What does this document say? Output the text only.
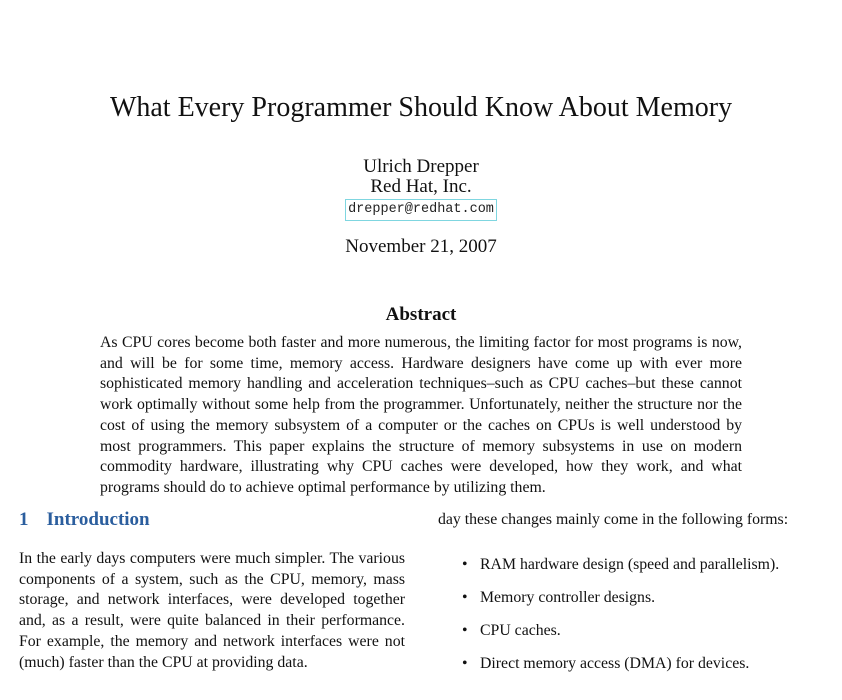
What Every Programmer Should Know About Memory
Ulrich Drepper
Red Hat, Inc.
drepper@redhat.com
November 21, 2007
Abstract

As CPU cores become both faster and more numerous, the limiting factor for most programs is now, and will be for some time, memory access. Hardware designers have come up with ever more sophisticated memory handling and acceleration techniques–such as CPU caches–but these cannot work optimally without some help from the programmer. Unfortunately, neither the structure nor the cost of using the memory subsystem of a computer or the caches on CPUs is well understood by most programmers. This paper explains the structure of memory subsystems in use on modern commodity hardware, illustrating why CPU caches were developed, how they work, and what programs should do to achieve optimal performance by utilizing them.

1 Introduction

In the early days computers were much simpler. The various components of a system, such as the CPU, memory, mass storage, and network interfaces, were developed together and, as a result, were quite balanced in their performance. For example, the memory and network interfaces were not (much) faster than the CPU at providing data.

day these changes mainly come in the following forms:

• RAM hardware design (speed and parallelism).
• Memory controller designs.
• CPU caches.
• Direct memory access (DMA) for devices.
